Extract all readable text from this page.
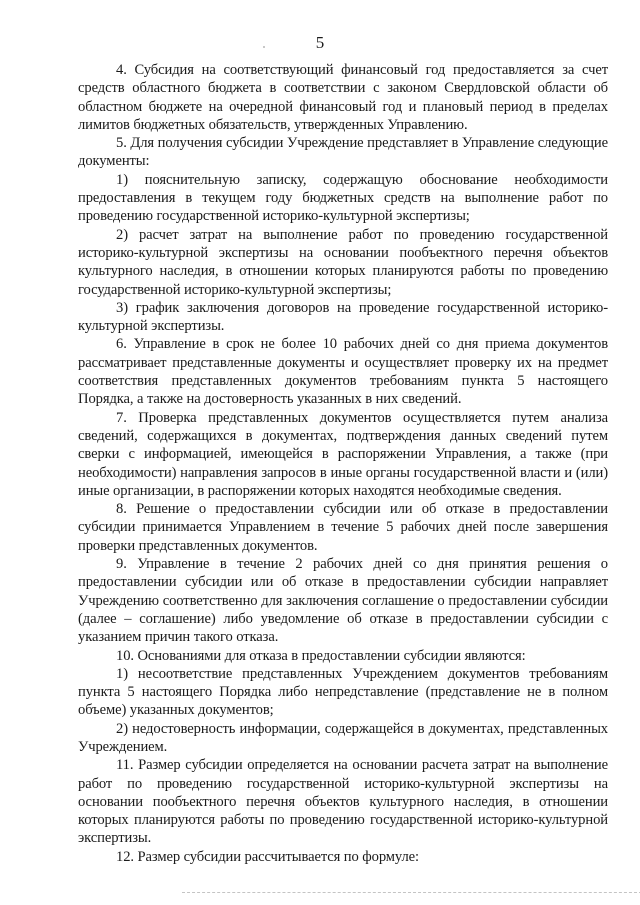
5

4. Субсидия на соответствующий финансовый год предоставляется за счет средств областного бюджета в соответствии с законом Свердловской области об областном бюджете на очередной финансовый год и плановый период в пределах лимитов бюджетных обязательств, утвержденных Управлению.

5. Для получения субсидии Учреждение представляет в Управление следующие документы:

1) пояснительную записку, содержащую обоснование необходимости предоставления в текущем году бюджетных средств на выполнение работ по проведению государственной историко-культурной экспертизы;

2) расчет затрат на выполнение работ по проведению государственной историко-культурной экспертизы на основании пообъектного перечня объектов культурного наследия, в отношении которых планируются работы по проведению государственной историко-культурной экспертизы;

3) график заключения договоров на проведение государственной историко-культурной экспертизы.

6. Управление в срок не более 10 рабочих дней со дня приема документов рассматривает представленные документы и осуществляет проверку их на предмет соответствия представленных документов требованиям пункта 5 настоящего Порядка, а также на достоверность указанных в них сведений.

7. Проверка представленных документов осуществляется путем анализа сведений, содержащихся в документах, подтверждения данных сведений путем сверки с информацией, имеющейся в распоряжении Управления, а также (при необходимости) направления запросов в иные органы государственной власти и (или) иные организации, в распоряжении которых находятся необходимые сведения.

8. Решение о предоставлении субсидии или об отказе в предоставлении субсидии принимается Управлением в течение 5 рабочих дней после завершения проверки представленных документов.

9. Управление в течение 2 рабочих дней со дня принятия решения о предоставлении субсидии или об отказе в предоставлении субсидии направляет Учреждению соответственно для заключения соглашение о предоставлении субсидии (далее – соглашение) либо уведомление об отказе в предоставлении субсидии с указанием причин такого отказа.

10. Основаниями для отказа в предоставлении субсидии являются:

1) несоответствие представленных Учреждением документов требованиям пункта 5 настоящего Порядка либо непредставление (представление не в полном объеме) указанных документов;

2) недостоверность информации, содержащейся в документах, представленных Учреждением.

11. Размер субсидии определяется на основании расчета затрат на выполнение работ по проведению государственной историко-культурной экспертизы на основании пообъектного перечня объектов культурного наследия, в отношении которых планируются работы по проведению государственной историко-культурной экспертизы.

12. Размер субсидии рассчитывается по формуле:
